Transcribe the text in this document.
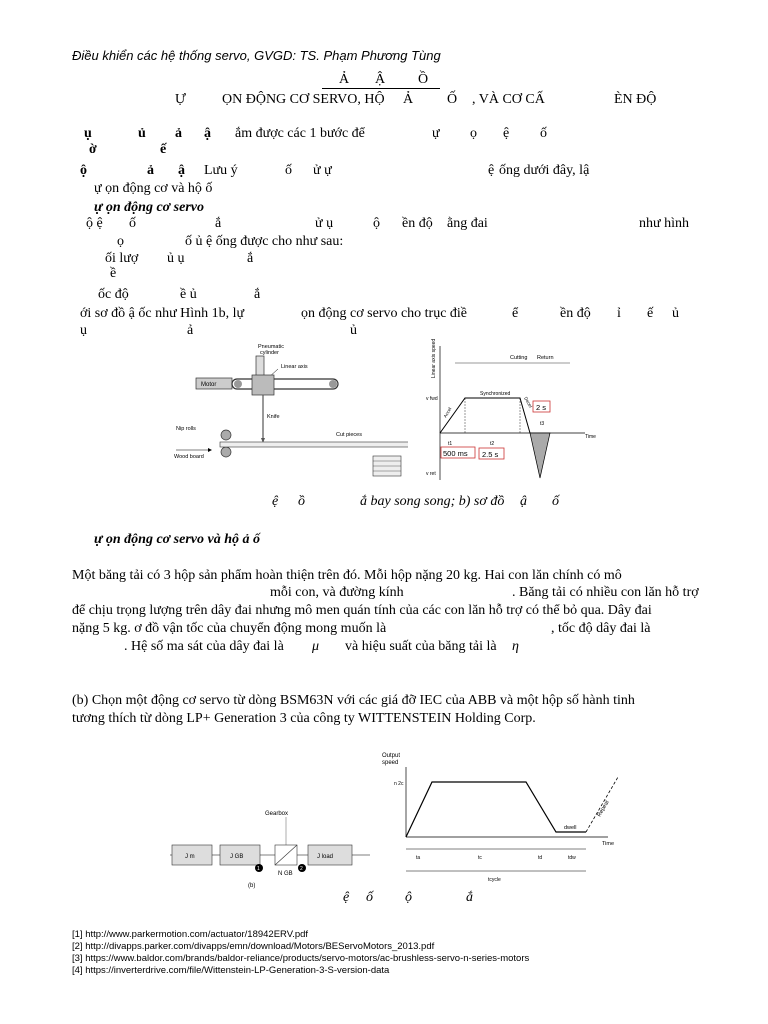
Điều khiển các hệ thống servo, GVGD: TS. Phạm Phương Tùng
Ả Ậ Ồ
Ự	ỌN ĐỘNG CƠ SERVO, HỘ Ả Ố , VÀ CƠ CẤ	ÈN ĐỘ
ụ	ủ ả ậ ắm được các 1 bước để	ự ọ ệ ố
ờ	ế
ộ	ả ậ Lưu ý	ố ử ự	ệ ống dưới đây, lậ
ự ọn động cơ và hộ ố
ự ọn động cơ servo
ộ ệ ố	ắ	ử ụ	ộ ền độ ằng đai	như hình
ọ	ố ủ ệ ống được cho như sau:
ối lượ ủ ụ	ắ
ề
ốc độ	ề ủ	ắ
ới sơ đồ ậ ốc như Hình 1b, lự	ọn động cơ servo cho trục điề	ể	ền độ ỉ ế ủ
ụ	ả	ủ
Pneumatic
cylinder
Linear axis
Motor
Knife
Nip rolls
Wood board
Cut pieces
Linear axis speed	Cutting Return
Synchronized
v fwd
v ret
Accel
Decel
Time
t1	t2
t3
2 s
500 ms 2.5 s
ệ ồ	ắ bay song song; b) sơ đồ ậ ố
ự ọn động cơ servo và hộ ả ố
Một băng tải có 3 hộp sản phẩm hoàn thiện trên đó. Mỗi hộp nặng 20 kg. Hai con lăn chính có mô
mỗi con, và đường kính	. Băng tải có nhiều con lăn hỗ trợ
để chịu trọng lượng trên dây đai nhưng mô men quán tính của các con lăn hỗ trợ có thể bỏ qua. Dây đai
nặng 5 kg. ơ đồ vận tốc của chuyển động mong muốn là	, tốc độ dây đai là
. Hệ số ma sát của dây đai là μ và hiệu suất của băng tải là η
(b) Chọn một động cơ servo từ dòng BSM63N với các giá đỡ IEC của ABB và một hộp số hành tinh
tương thích từ dòng LP+ Generation 3 của công ty WITTENSTEIN Holding Corp.
Gearbox
J m	J GB	J load
1	2
N GB
(b)
Output
speed
n 2c
dwell
Repeat
Time
ta	tc	td	tdw
tcycle
ệ ố ộ	ắ
[1] http://www.parkermotion.com/actuator/18942ERV.pdf
[2] http://divapps.parker.com/divapps/emn/download/Motors/BEServoMotors_2013.pdf
[3] https://www.baldor.com/brands/baldor-reliance/products/servo-motors/ac-brushless-servo-n-series-motors
[4] https://inverterdrive.com/file/Wittenstein-LP-Generation-3-S-version-data
